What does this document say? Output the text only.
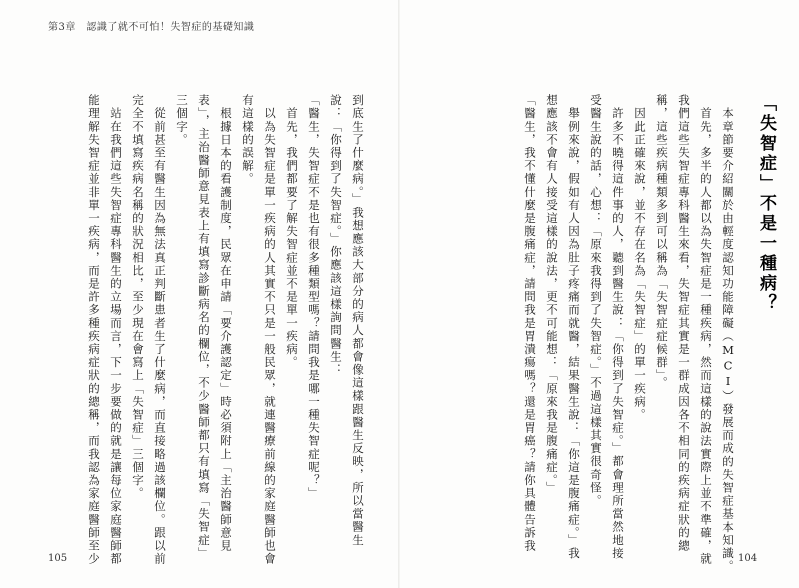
第3章　認識了就不可怕！失智症的基礎知識
到底生了什麼病。」我想應該大部分的病人都會像這樣跟醫生反映，所以當醫生
說：「你得到了失智症。」你應該這樣詢問醫生：
「醫生，失智症不是也有很多種類型嗎？請問我是哪一種失智症呢？」
　首先，我們都要了解失智症並不是單一疾病。
　以為失智症是單一疾病的人其實不只是一般民眾，就連醫療前線的家庭醫師也會
有這樣的誤解。
　根據日本的看護制度，民眾在申請「要介護認定」時必須附上「主治醫師意見
表」，主治醫師意見表上有填寫診斷病名的欄位，不少醫師都只有填寫「失智症」
三個字。
　從前甚至有醫生因為無法真正判斷患者生了什麼病，而直接略過該欄位。跟以前
完全不填寫疾病名稱的狀況相比，至少現在會寫上「失智症」三個字。
　站在我們這些失智症專科醫生的立場而言，下一步要做的就是讓每位家庭醫師都
能理解失智症並非單一疾病，而是許多種疾病症狀的總稱，而我認為家庭醫師至少
105
「失智症」不是一種病？
　本章節要介紹關於由輕度認知功能障礙（MCI）發展而成的失智症基本知識。
　首先，多半的人都以為失智症是一種疾病，然而這樣的說法實際上並不準確，就
我們這些失智症專科醫生來看，失智症其實是一群成因各不相同的疾病症狀的總
稱，這些疾病種類多到可以稱為「失智症症候群」。
　因此正確來說，並不存在名為「失智症」的單一疾病。
　許多不曉得這件事的人，聽到醫生說：「你得到了失智症。」都會理所當然地接
受醫生說的話，心想：「原來我得到了失智症。」不過這樣其實很奇怪。
　舉例來說，假如有人因為肚子疼痛而就醫，結果醫生說：「你這是腹痛症。」我
想應該不會有人接受這樣的說法，更不可能想：「原來我是腹痛症。」
「醫生，我不懂什麼是腹痛症，請問我是胃潰瘍嗎？還是胃癌？請你具體告訴我
104
